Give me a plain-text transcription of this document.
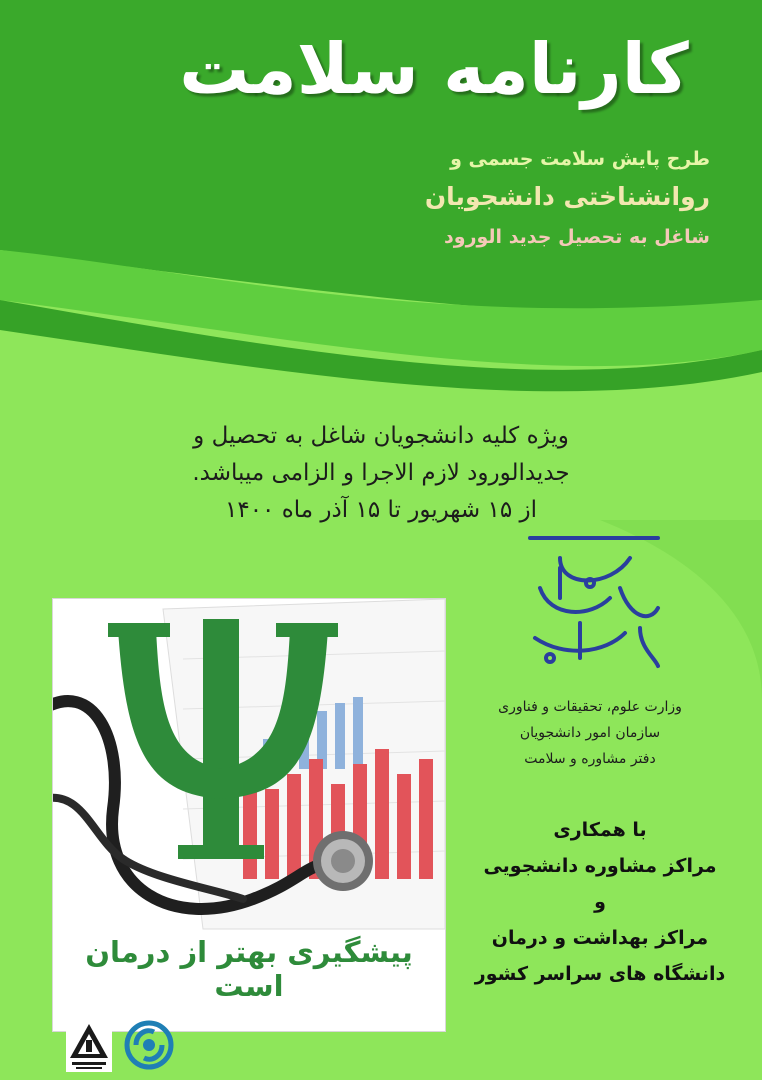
کارنامه سلامت
طرح پایش سلامت جسمی و
روانشناختی دانشجویان
شاغل به تحصیل جدید الورود
ویژه کلیه دانشجویان شاغل به تحصیل و
جدیدالورود لازم الاجرا و الزامی میباشد.
از ۱۵ شهریور تا ۱۵ آذر ماه ۱۴۰۰
پیشگیری بهتر از درمان است
وزارت علوم، تحقیقات و فناوری
سازمان امور دانشجویان
دفتر مشاوره و سلامت
با همکاری
مراکز مشاوره دانشجویی
و
مراکز بهداشت و درمان
دانشگاه های سراسر کشور
